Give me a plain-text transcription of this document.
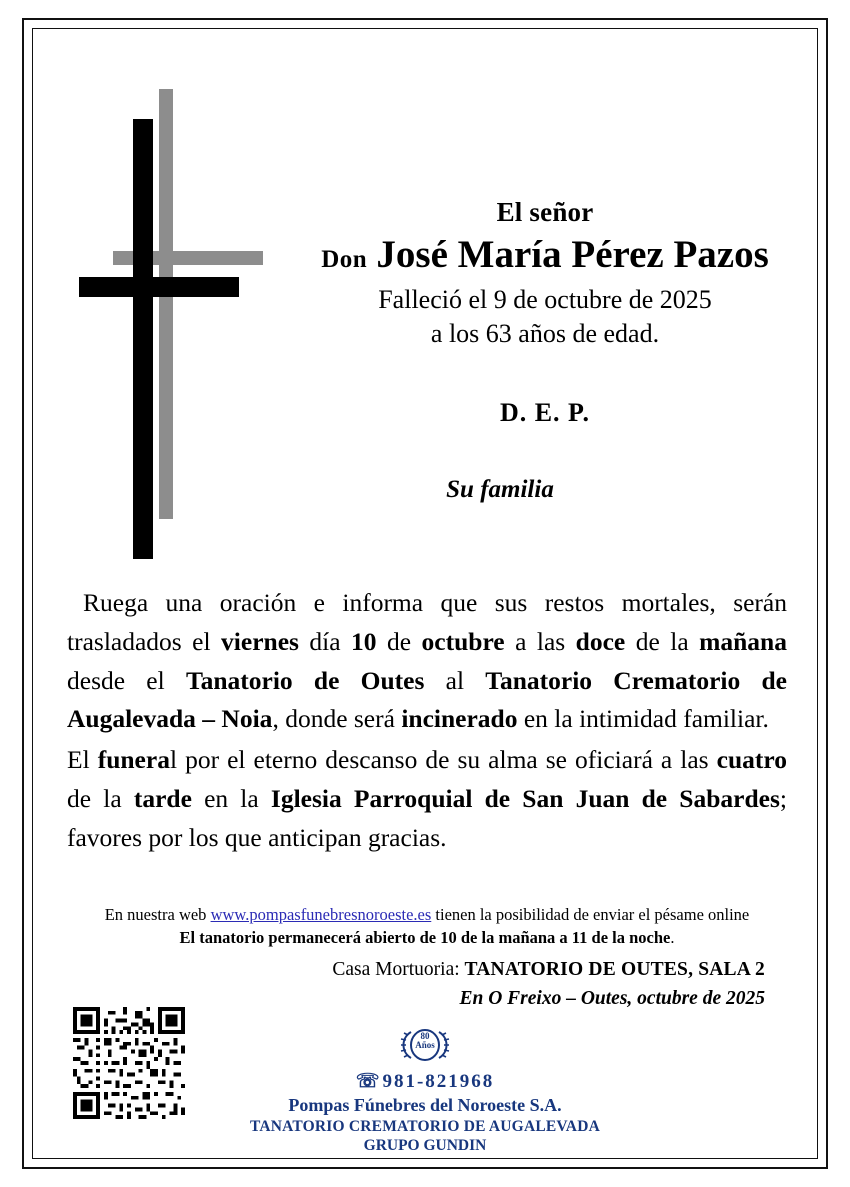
El señor
Don José María Pérez Pazos
Falleció el 9 de octubre de 2025
a los 63 años de edad.
D. E. P.
Su familia

Ruega una oración e informa que sus restos mortales, serán trasladados el viernes día 10 de octubre a las doce de la mañana desde el Tanatorio de Outes al Tanatorio Crematorio de Augalevada – Noia, donde será incinerado en la intimidad familiar.

El funeral por el eterno descanso de su alma se oficiará a las cuatro de la tarde en la Iglesia Parroquial de San Juan de Sabardes; favores por los que anticipan gracias.

En nuestra web www.pompasfunebresnoroeste.es tienen la posibilidad de enviar el pésame online
El tanatorio permanecerá abierto de 10 de la mañana a 11 de la noche.
Casa Mortuoria: TANATORIO DE OUTES, SALA 2
En O Freixo – Outes, octubre de 2025
80
Años
☏ 981-821968
Pompas Fúnebres del Noroeste S.A.
TANATORIO CREMATORIO DE AUGALEVADA
GRUPO GUNDIN
